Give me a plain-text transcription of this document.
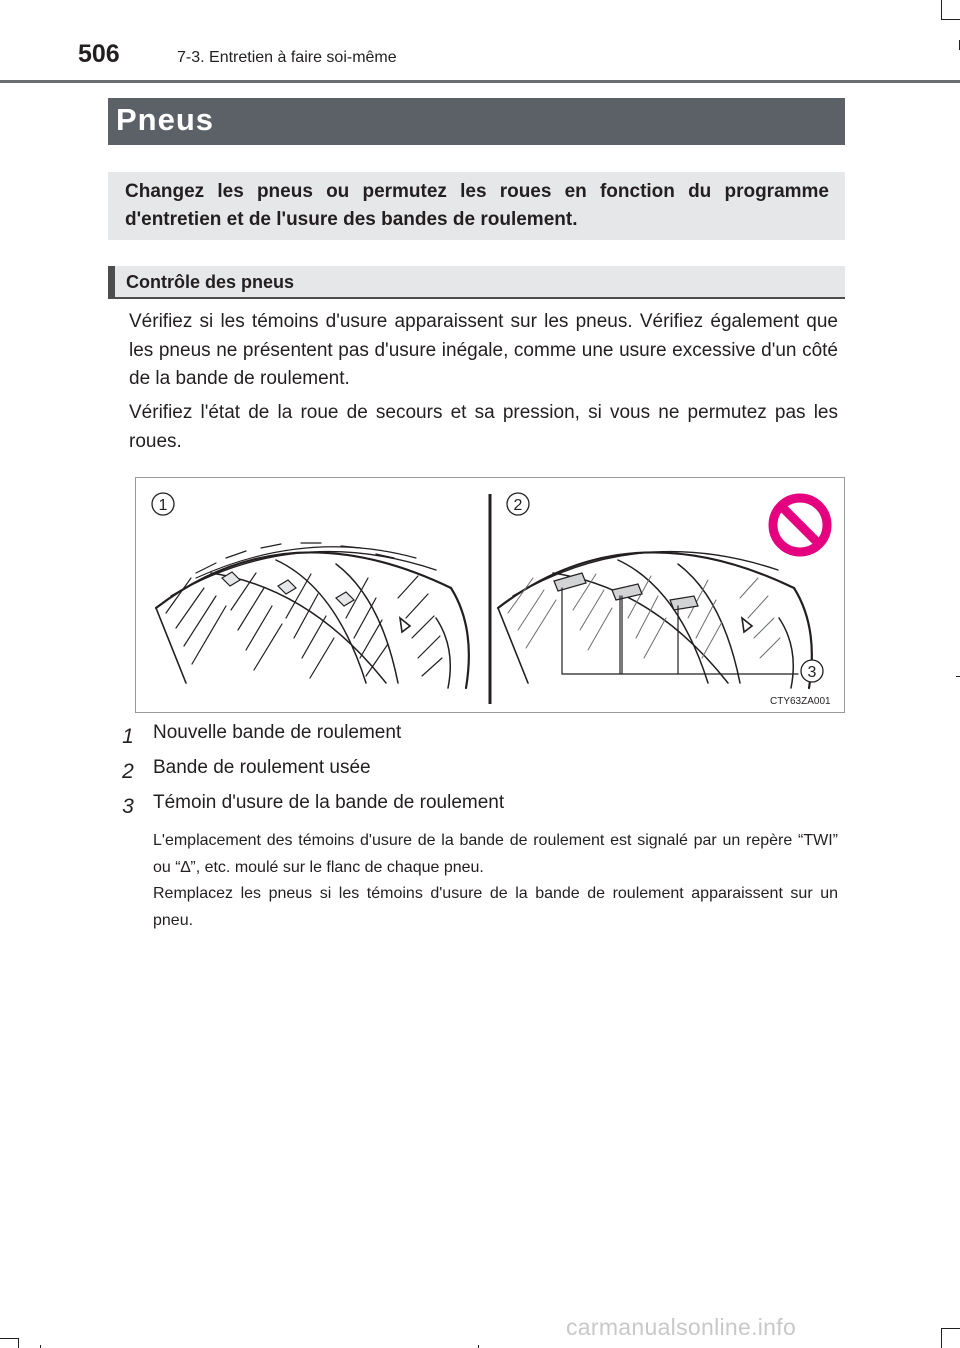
506	7-3. Entretien à faire soi-même
Pneus
Changez les pneus ou permutez les roues en fonction du programme d'entretien et de l'usure des bandes de roulement.
Contrôle des pneus
Vérifiez si les témoins d'usure apparaissent sur les pneus. Vérifiez également que les pneus ne présentent pas d'usure inégale, comme une usure excessive d'un côté de la bande de roulement.
Vérifiez l'état de la roue de secours et sa pression, si vous ne permutez pas les roues.
1	2
3
CTY63ZA001
1 Nouvelle bande de roulement
2 Bande de roulement usée
3 Témoin d'usure de la bande de roulement
L'emplacement des témoins d'usure de la bande de roulement est signalé par un repère “TWI” ou “∆”, etc. moulé sur le flanc de chaque pneu.
Remplacez les pneus si les témoins d'usure de la bande de roulement apparaissent sur un pneu.
carmanualsonline.info
